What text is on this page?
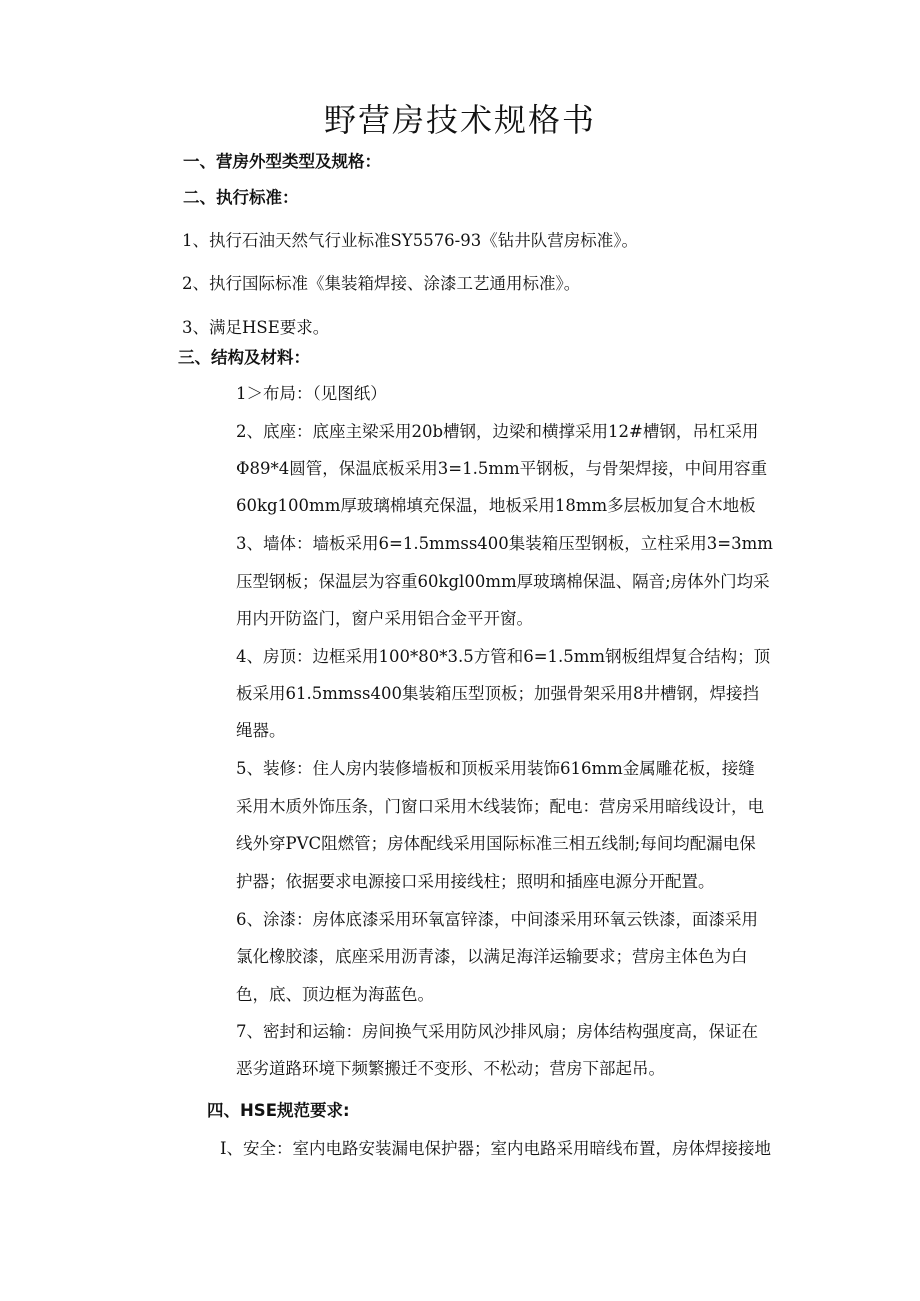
野营房技术规格书
一、营房外型类型及规格：
二、执行标准：
1、执行石油天然气行业标准SY5576-93《钻井队营房标准》。
2、执行国际标准《集装箱焊接、涂漆工艺通用标准》。
3、满足HSE要求。
三、结构及材料：
1＞布局：（见图纸）
2、底座：底座主梁采用20b槽钢，边梁和横撑采用12#槽钢，吊杠采用
Φ89*4圆管，保温底板采用3=1.5mm平钢板，与骨架焊接，中间用容重
60kg100mm厚玻璃棉填充保温，地板采用18mm多层板加复合木地板
3、墙体：墙板采用6=1.5mmss400集装箱压型钢板，立柱采用3=3mm
压型钢板；保温层为容重60kgl00mm厚玻璃棉保温、隔音;房体外门均采
用内开防盗门，窗户采用铝合金平开窗。
4、房顶：边框采用100*80*3.5方管和6=1.5mm钢板组焊复合结构；顶
板采用61.5mmss400集装箱压型顶板；加强骨架采用8井槽钢，焊接挡
绳器。
5、装修：住人房内装修墙板和顶板采用装饰616mm金属雕花板，接缝
采用木质外饰压条，门窗口采用木线装饰；配电：营房采用暗线设计，电
线外穿PVC阻燃管；房体配线采用国际标准三相五线制;每间均配漏电保
护器；依据要求电源接口采用接线柱；照明和插座电源分开配置。
6、涂漆：房体底漆采用环氧富锌漆，中间漆采用环氧云铁漆，面漆采用
氯化橡胶漆，底座采用沥青漆，以满足海洋运输要求；营房主体色为白
色，底、顶边框为海蓝色。
7、密封和运输：房间换气采用防风沙排风扇；房体结构强度高，保证在
恶劣道路环境下频繁搬迁不变形、不松动；营房下部起吊。
四、HSE规范要求:
I、安全：室内电路安装漏电保护器；室内电路采用暗线布置，房体焊接接地
